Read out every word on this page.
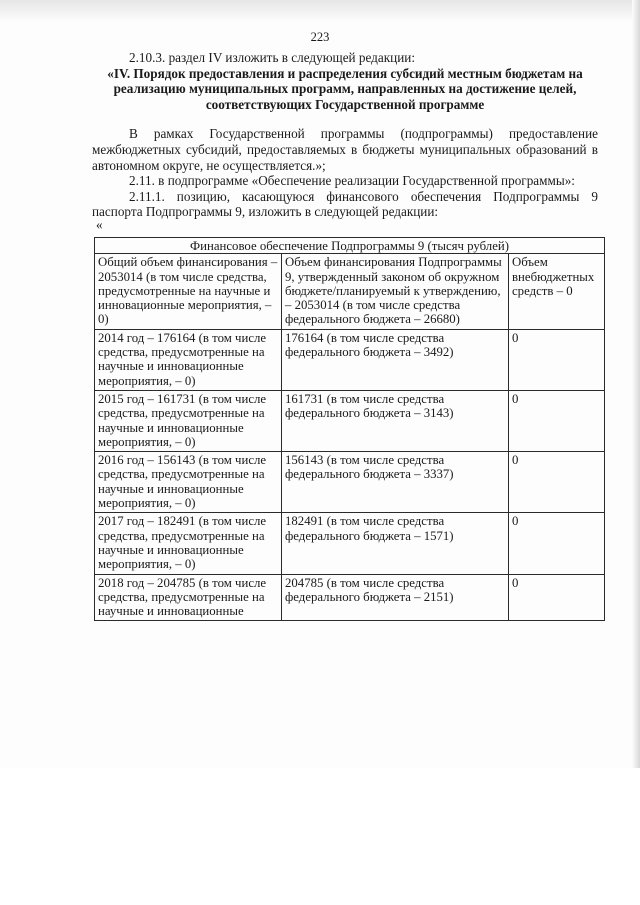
223

2.10.3. раздел IV изложить в следующей редакции:

«IV. Порядок предоставления и распределения субсидий местным бюджетам на реализацию муниципальных программ, направленных на достижение целей, соответствующих Государственной программе

В рамках Государственной программы (подпрограммы) предоставление межбюджетных субсидий, предоставляемых в бюджеты муниципальных образований в автономном округе, не осуществляется.»;

2.11. в подпрограмме «Обеспечение реализации Государственной программы»:

2.11.1. позицию, касающуюся финансового обеспечения Подпрограммы 9 паспорта Подпрограммы 9, изложить в следующей редакции:

«

Финансовое обеспечение Подпрограммы 9 (тысяч рублей)		
Общий объем финансирования – 2053014 (в том числе средства, предусмотренные на научные и инновационные мероприятия, – 0)	Объем финансирования Подпрограммы 9, утвержденный законом об окружном бюджете/планируемый к утверждению, – 2053014 (в том числе средства федерального бюджета – 26680)	Объем внебюджетных средств – 0
2014 год – 176164 (в том числе средства, предусмотренные на научные и инновационные мероприятия, – 0)	176164 (в том числе средства федерального бюджета – 3492)	0
2015 год – 161731 (в том числе средства, предусмотренные на научные и инновационные мероприятия, – 0)	161731 (в том числе средства федерального бюджета – 3143)	0
2016 год – 156143 (в том числе средства, предусмотренные на научные и инновационные мероприятия, – 0)	156143 (в том числе средства федерального бюджета – 3337)	0
2017 год – 182491 (в том числе средства, предусмотренные на научные и инновационные мероприятия, – 0)	182491 (в том числе средства федерального бюджета – 1571)	0
2018 год – 204785 (в том числе средства, предусмотренные на научные и инновационные	204785 (в том числе средства федерального бюджета – 2151)	0
